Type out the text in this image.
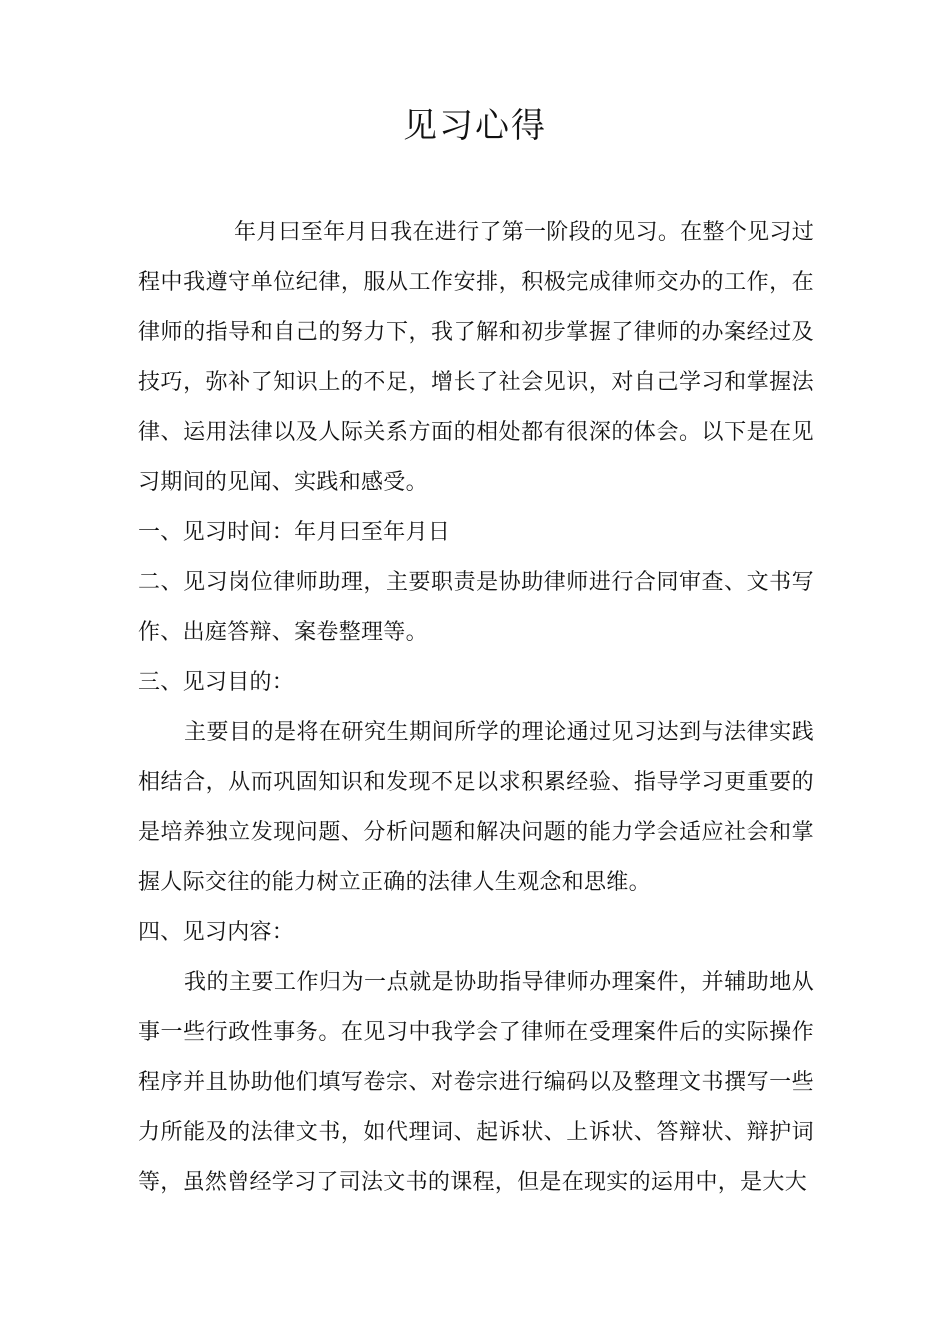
见习心得

年月曰至年月日我在进行了第一阶段的见习。在整个见习过程中我遵守单位纪律，服从工作安排，积极完成律师交办的工作，在律师的指导和自己的努力下，我了解和初步掌握了律师的办案经过及技巧，弥补了知识上的不足，增长了社会见识，对自己学习和掌握法律、运用法律以及人际关系方面的相处都有很深的体会。以下是在见习期间的见闻、实践和感受。

一、见习时间：年月曰至年月日

二、见习岗位律师助理，主要职责是协助律师进行合同审查、文书写作、出庭答辩、案卷整理等。

三、见习目的：

主要目的是将在研究生期间所学的理论通过见习达到与法律实践相结合，从而巩固知识和发现不足以求积累经验、指导学习更重要的是培养独立发现问题、分析问题和解决问题的能力学会适应社会和掌握人际交往的能力树立正确的法律人生观念和思维。

四、见习内容：

我的主要工作归为一点就是协助指导律师办理案件，并辅助地从事一些行政性事务。在见习中我学会了律师在受理案件后的实际操作程序并且协助他们填写卷宗、对卷宗进行编码以及整理文书撰写一些力所能及的法律文书，如代理词、起诉状、上诉状、答辩状、辩护词等，虽然曾经学习了司法文书的课程，但是在现实的运用中，是大大
